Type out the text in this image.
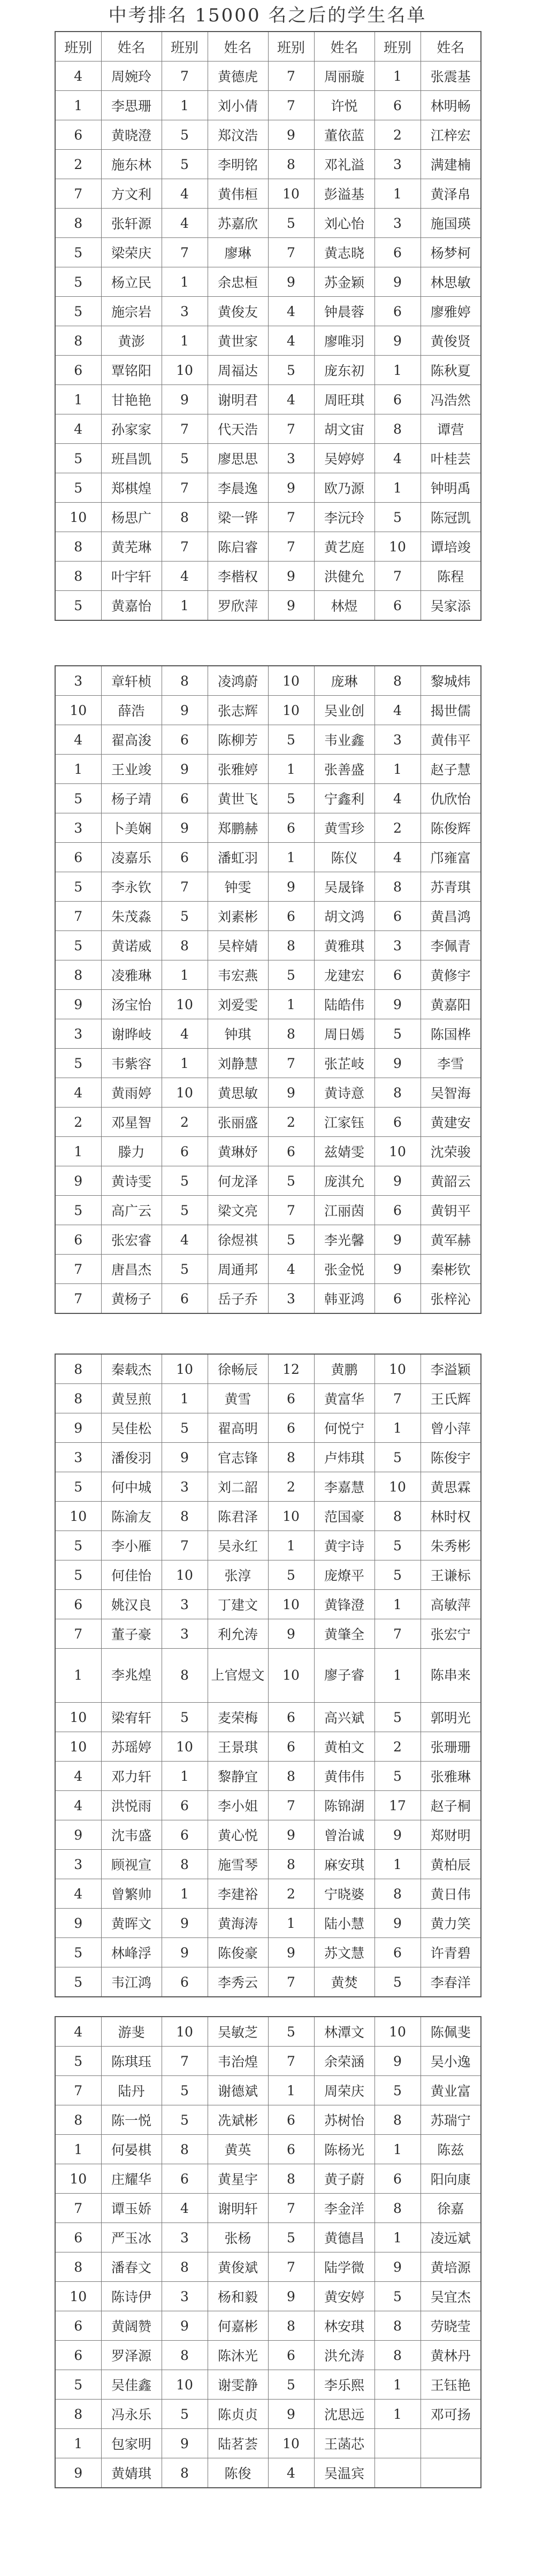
中考排名 15000 名之后的学生名单
班别	姓名	班别	姓名	班别	姓名	班别	姓名
4	周婉玲	7	黄德虎	7	周丽璇	1	张震基
1	李思珊	1	刘小倩	7	许悦	6	林明畅
6	黄晓澄	5	郑汶浩	9	董依蓝	2	江梓宏
2	施东林	5	李明铭	8	邓礼溢	3	满建楠
7	方文利	4	黄伟桓	10	彭溢基	1	黄泽帛
8	张轩源	4	苏嘉欣	5	刘心怡	3	施国瑛
5	梁荣庆	7	廖琳	7	黄志晓	6	杨梦柯
5	杨立民	1	余忠桓	9	苏金颖	9	林思敏
5	施宗岩	3	黄俊友	4	钟晨蓉	6	廖雅婷
8	黄澎	1	黄世家	4	廖唯羽	9	黄俊贤
6	覃铭阳	10	周福达	5	庞东初	1	陈秋夏
1	甘艳艳	9	谢明君	4	周旺琪	6	冯浩然
4	孙家家	7	代天浩	7	胡文宙	8	谭营
5	班昌凯	5	廖思思	3	吴婷婷	4	叶桂芸
5	郑棋煌	7	李晨逸	9	欧乃源	1	钟明禹
10	杨思广	8	梁一铧	7	李沅玲	5	陈冠凯
8	黄芜琳	7	陈启睿	7	黄艺庭	10	谭培竣
8	叶宇轩	4	李楷权	9	洪健允	7	陈程
5	黄嘉怡	1	罗欣萍	9	林煜	6	吴家添
3	章轩桢	8	凌鸿蔚	10	庞琳	8	黎城炜
10	薛浩	9	张志辉	10	吴业创	4	揭世儒
4	翟高浚	6	陈柳芳	5	韦业鑫	3	黄伟平
1	王业竣	9	张雅婷	1	张善盛	1	赵子慧
5	杨子靖	6	黄世飞	5	宁鑫利	4	仇欣怡
3	卜美娴	9	郑鹏赫	6	黄雪珍	2	陈俊辉
6	凌嘉乐	6	潘虹羽	1	陈仪	4	邝雍富
5	李永钦	7	钟雯	9	吴晟锋	8	苏青琪
7	朱茂淼	5	刘素彬	6	胡文鸿	6	黄昌鸿
5	黄诺威	8	吴梓婧	8	黄雅琪	3	李佩青
8	凌雅琳	1	韦宏燕	5	龙建宏	6	黄修宇
9	汤宝怡	10	刘爱雯	1	陆皓伟	9	黄嘉阳
3	谢晔岐	4	钟琪	8	周日嫣	5	陈国桦
5	韦紫容	1	刘静慧	7	张芷岐	9	李雪
4	黄雨婷	10	黄思敏	9	黄诗意	8	吴智海
2	邓星智	2	张丽盛	2	江家钰	6	黄建安
1	滕力	6	黄琳妤	6	兹婧雯	10	沈荣骏
9	黄诗雯	5	何龙泽	5	庞淇允	9	黄韶云
5	高广云	5	梁文亮	7	江丽茵	6	黄钥平
6	张宏睿	4	徐煜祺	5	李光馨	9	黄军赫
7	唐昌杰	5	周通邦	4	张金悦	9	秦彬钦
7	黄杨子	6	岳子乔	3	韩亚鸿	6	张梓沁
8	秦载杰	10	徐畅辰	12	黄鹏	10	李溢颖
8	黄昱煎	1	黄雪	6	黄富华	7	王氏辉
9	吴佳松	5	翟高明	6	何悦宁	1	曾小萍
3	潘俊羽	9	官志锋	8	卢炜琪	5	陈俊宇
5	何中城	3	刘二韶	2	李嘉慧	10	黄思霖
10	陈渝友	8	陈君泽	10	范国豪	8	林时权
5	李小雁	7	吴永红	1	黄宇诗	5	朱秀彬
5	何佳怡	10	张淳	5	庞燎平	5	王谦标
6	姚汉良	3	丁建文	10	黄锋澄	1	高敏萍
7	董子豪	3	利允涛	9	黄肇全	7	张宏宁
1	李兆煌	8	上官煜文	10	廖子睿	1	陈串来
10	梁宥轩	5	麦荣梅	6	高兴斌	5	郭明光
10	苏瑶婷	10	王景琪	6	黄柏文	2	张珊珊
4	邓力轩	1	黎静宜	8	黄伟伟	5	张雅琳
4	洪悦雨	6	李小姐	7	陈锦湖	17	赵子桐
9	沈韦盛	6	黄心悦	9	曾治诚	9	郑财明
3	顾视宣	8	施雪琴	8	麻安琪	1	黄柏辰
4	曾繁帅	1	李建裕	2	宁晓婆	8	黄日伟
9	黄晖文	9	黄海涛	1	陆小慧	9	黄力笑
5	林峰浮	9	陈俊豪	9	苏文慧	6	许青碧
5	韦江鸿	6	李秀云	7	黄焚	5	李春洋
4	游斐	10	吴敏芝	5	林潭文	10	陈佩斐
5	陈琪珏	7	韦治煌	7	余荣涵	9	吴小逸
7	陆丹	5	谢德斌	1	周荣庆	5	黄业富
8	陈一悦	5	冼斌彬	6	苏树怡	8	苏瑞宁
1	何晏棋	8	黄英	6	陈杨光	1	陈兹
10	庄耀华	6	黄星宇	8	黄子蔚	6	阳向康
7	谭玉娇	4	谢明轩	7	李金洋	8	徐嘉
6	严玉冰	3	张杨	5	黄德昌	1	凌远斌
8	潘春文	8	黄俊斌	7	陆学微	9	黄培源
10	陈诗伊	3	杨和毅	9	黄安婷	5	吴宜杰
6	黄阔赞	9	何嘉彬	8	林安琪	8	劳晓莹
6	罗泽源	8	陈沐光	6	洪允涛	8	黄林丹
5	吴佳鑫	10	谢雯静	5	李乐熙	1	王钰艳
8	冯永乐	5	陈贞贞	9	沈思远	1	邓可扬
1	包家明	9	陆茗荟	10	王菡芯		
9	黄婧琪	8	陈俊	4	吴温宾		
